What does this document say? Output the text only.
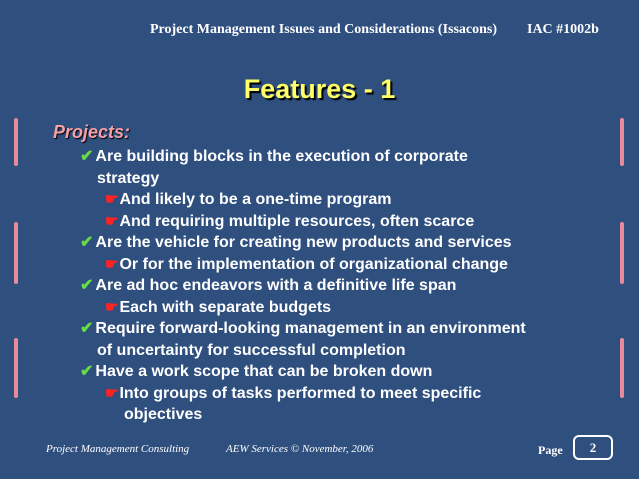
Project Management Issues and Considerations (Issacons) IAC #1002b
Features - 1
Projects:
✔ Are building blocks in the execution of corporate
strategy
☛And likely to be a one-time program
☛And requiring multiple resources, often scarce
✔ Are the vehicle for creating new products and services
☛Or for the implementation of organizational change
✔ Are ad hoc endeavors with a definitive life span
☛Each with separate budgets
✔ Require forward-looking management in an environment
of uncertainty for successful completion
✔ Have a work scope that can be broken down
☛Into groups of tasks performed to meet specific
objectives
Project Management Consulting	AEW Services © November, 2006	Page	2
